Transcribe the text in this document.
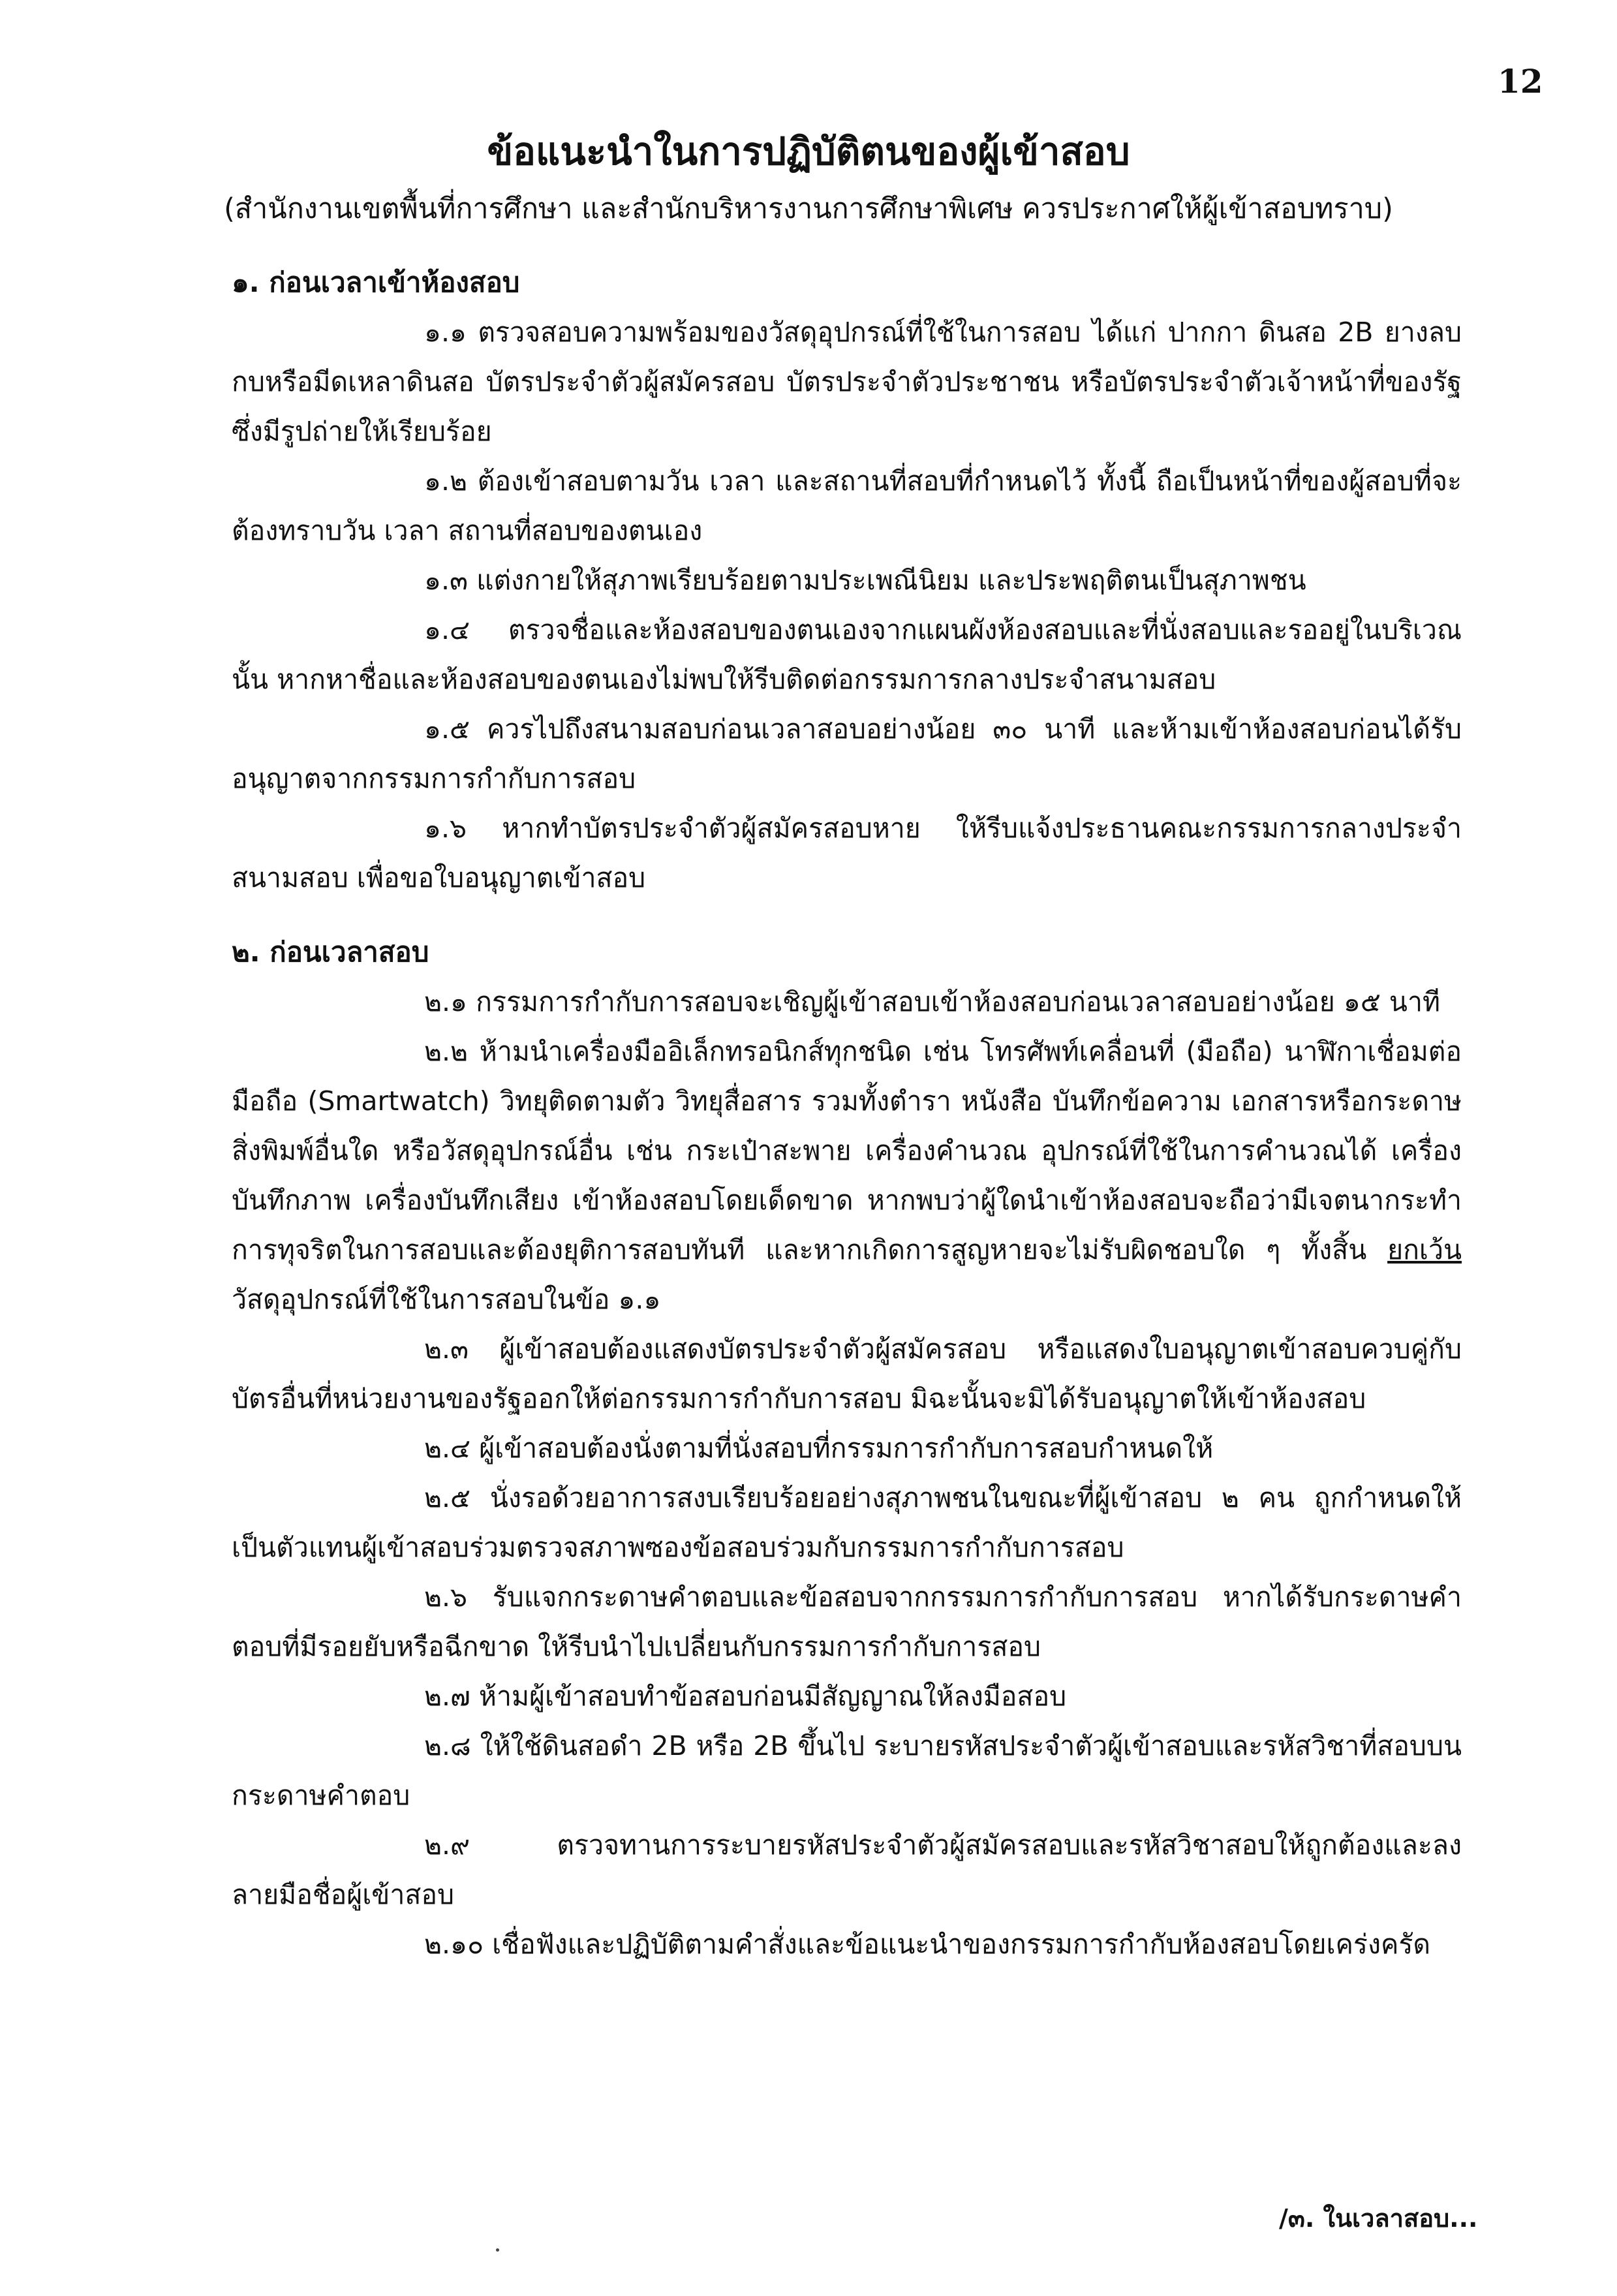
12
ข้อแนะนำในการปฏิบัติตนของผู้เข้าสอบ
(สำนักงานเขตพื้นที่การศึกษา และสำนักบริหารงานการศึกษาพิเศษ ควรประกาศให้ผู้เข้าสอบทราบ)
๑. ก่อนเวลาเข้าห้องสอบ

๑.๑ ตรวจสอบความพร้อมของวัสดุอุปกรณ์ที่ใช้ในการสอบ ได้แก่ ปากกา ดินสอ 2B ยางลบ กบหรือมีดเหลาดินสอ บัตรประจำตัวผู้สมัครสอบ บัตรประจำตัวประชาชน หรือบัตรประจำตัวเจ้าหน้าที่ของรัฐ ซึ่งมีรูปถ่ายให้เรียบร้อย

๑.๒ ต้องเข้าสอบตามวัน เวลา และสถานที่สอบที่กำหนดไว้ ทั้งนี้ ถือเป็นหน้าที่ของผู้สอบที่จะต้องทราบวัน เวลา สถานที่สอบของตนเอง

๑.๓ แต่งกายให้สุภาพเรียบร้อยตามประเพณีนิยม และประพฤติตนเป็นสุภาพชน

๑.๔ ตรวจชื่อและห้องสอบของตนเองจากแผนผังห้องสอบและที่นั่งสอบและรออยู่ในบริเวณนั้น หากหาชื่อและห้องสอบของตนเองไม่พบให้รีบติดต่อกรรมการกลางประจำสนามสอบ

๑.๕ ควรไปถึงสนามสอบก่อนเวลาสอบอย่างน้อย ๓๐ นาที และห้ามเข้าห้องสอบก่อนได้รับอนุญาตจากกรรมการกำกับการสอบ

๑.๖ หากทำบัตรประจำตัวผู้สมัครสอบหาย ให้รีบแจ้งประธานคณะกรรมการกลางประจำสนามสอบ เพื่อขอใบอนุญาตเข้าสอบ

๒. ก่อนเวลาสอบ

๒.๑ กรรมการกำกับการสอบจะเชิญผู้เข้าสอบเข้าห้องสอบก่อนเวลาสอบอย่างน้อย ๑๕ นาที

๒.๒ ห้ามนำเครื่องมืออิเล็กทรอนิกส์ทุกชนิด เช่น โทรศัพท์เคลื่อนที่ (มือถือ) นาฬิกาเชื่อมต่อมือถือ (Smartwatch) วิทยุติดตามตัว วิทยุสื่อสาร รวมทั้งตำรา หนังสือ บันทึกข้อความ เอกสารหรือกระดาษสิ่งพิมพ์อื่นใด หรือวัสดุอุปกรณ์อื่น เช่น กระเป๋าสะพาย เครื่องคำนวณ อุปกรณ์ที่ใช้ในการคำนวณได้ เครื่องบันทึกภาพ เครื่องบันทึกเสียง เข้าห้องสอบโดยเด็ดขาด หากพบว่าผู้ใดนำเข้าห้องสอบจะถือว่ามีเจตนากระทำการทุจริตในการสอบและต้องยุติการสอบทันที และหากเกิดการสูญหายจะไม่รับผิดชอบใด ๆ ทั้งสิ้น ยกเว้น วัสดุอุปกรณ์ที่ใช้ในการสอบในข้อ ๑.๑

๒.๓ ผู้เข้าสอบต้องแสดงบัตรประจำตัวผู้สมัครสอบ หรือแสดงใบอนุญาตเข้าสอบควบคู่กับบัตรอื่นที่หน่วยงานของรัฐออกให้ต่อกรรมการกำกับการสอบ มิฉะนั้นจะมิได้รับอนุญาตให้เข้าห้องสอบ

๒.๔ ผู้เข้าสอบต้องนั่งตามที่นั่งสอบที่กรรมการกำกับการสอบกำหนดให้

๒.๕ นั่งรอด้วยอาการสงบเรียบร้อยอย่างสุภาพชนในขณะที่ผู้เข้าสอบ ๒ คน ถูกกำหนดให้เป็นตัวแทนผู้เข้าสอบร่วมตรวจสภาพซองข้อสอบร่วมกับกรรมการกำกับการสอบ

๒.๖ รับแจกกระดาษคำตอบและข้อสอบจากกรรมการกำกับการสอบ หากได้รับกระดาษคำตอบที่มีรอยยับหรือฉีกขาด ให้รีบนำไปเปลี่ยนกับกรรมการกำกับการสอบ

๒.๗ ห้ามผู้เข้าสอบทำข้อสอบก่อนมีสัญญาณให้ลงมือสอบ

๒.๘ ให้ใช้ดินสอดำ 2B หรือ 2B ขึ้นไป ระบายรหัสประจำตัวผู้เข้าสอบและรหัสวิชาที่สอบบนกระดาษคำตอบ

๒.๙ ตรวจทานการระบายรหัสประจำตัวผู้สมัครสอบและรหัสวิชาสอบให้ถูกต้องและลงลายมือชื่อผู้เข้าสอบ

๒.๑๐ เชื่อฟังและปฏิบัติตามคำสั่งและข้อแนะนำของกรรมการกำกับห้องสอบโดยเคร่งครัด

/๓. ในเวลาสอบ...
